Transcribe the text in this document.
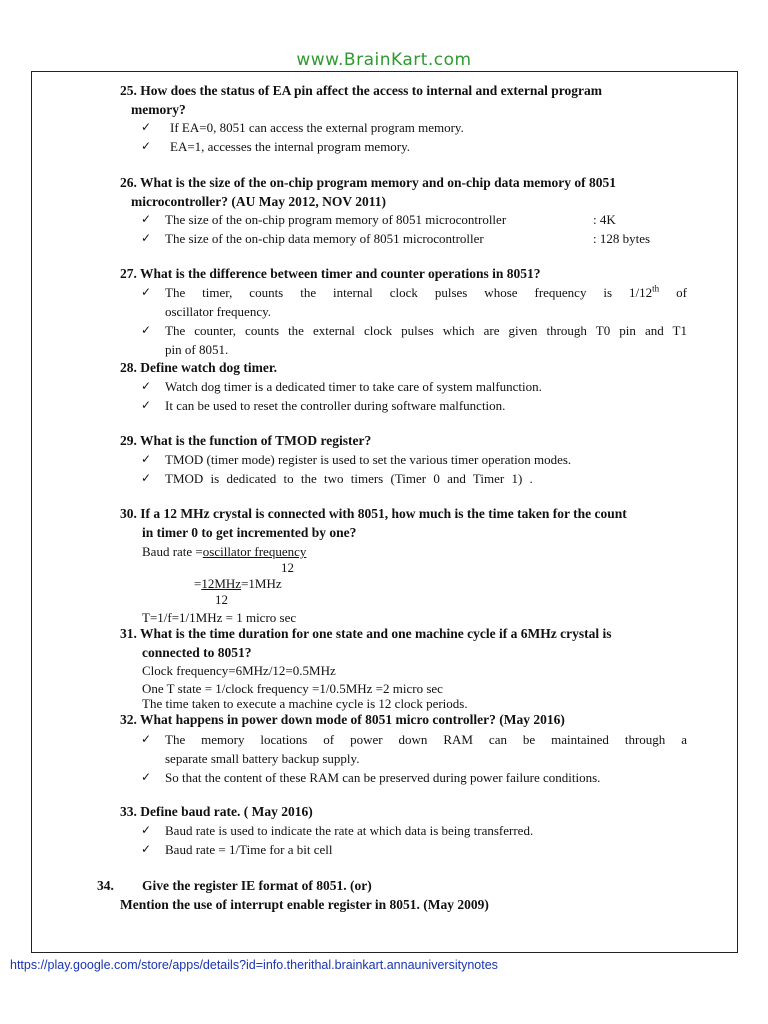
www.BrainKart.com
25. How does the status of EA pin affect the access to internal and external program
memory?
✓ If EA=0, 8051 can access the external program memory.
✓ EA=1, accesses the internal program memory.
26. What is the size of the on-chip program memory and on-chip data memory of 8051
microcontroller? (AU May 2012, NOV 2011)
✓ The size of the on-chip program memory of 8051 microcontroller	: 4K
✓ The size of the on-chip data memory of 8051 microcontroller	: 128 bytes
27. What is the difference between timer and counter operations in 8051?
✓ The timer, counts the internal clock pulses whose frequency is 1/12th of
oscillator frequency.
✓ The counter, counts the external clock pulses which are given through T0 pin and T1
pin of 8051.
28. Define watch dog timer.
✓ Watch dog timer is a dedicated timer to take care of system malfunction.
✓ It can be used to reset the controller during software malfunction.
29. What is the function of TMOD register?
✓ TMOD (timer mode) register is used to set the various timer operation modes.
✓ TMOD is dedicated to the two timers (Timer 0 and Timer 1) .
30. If a 12 MHz crystal is connected with 8051, how much is the time taken for the count
in timer 0 to get incremented by one?
Baud rate =oscillator frequency
12
=12MHz=1MHz
12
T=1/f=1/1MHz = 1 micro sec
31. What is the time duration for one state and one machine cycle if a 6MHz crystal is
connected to 8051?
Clock frequency=6MHz/12=0.5MHz
One T state = 1/clock frequency =1/0.5MHz =2 micro sec
The time taken to execute a machine cycle is 12 clock periods.
32. What happens in power down mode of 8051 micro controller? (May 2016)
✓ The memory locations of power down RAM can be maintained through a
separate small battery backup supply.
✓ So that the content of these RAM can be preserved during power failure conditions.
33. Define baud rate. ( May 2016)
✓ Baud rate is used to indicate the rate at which data is being transferred.
✓ Baud rate = 1/Time for a bit cell
34. Give the register IE format of 8051. (or)
Mention the use of interrupt enable register in 8051. (May 2009)
https://play.google.com/store/apps/details?id=info.therithal.brainkart.annauniversitynotes
